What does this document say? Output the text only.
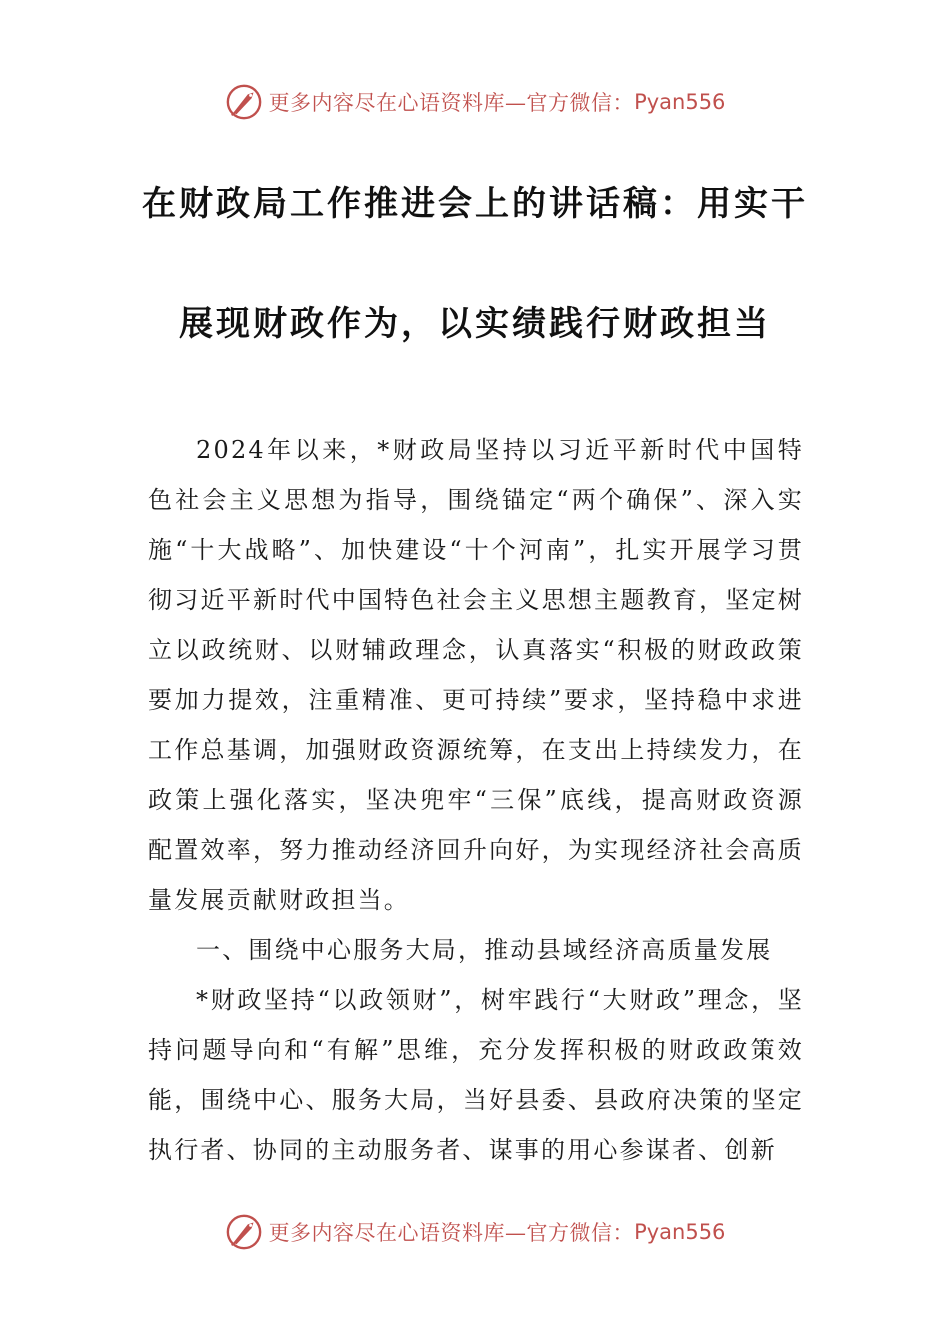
更多内容尽在心语资料库—官方微信： Pyan556
在财政局工作推进会上的讲话稿：用实干
展现财政作为，以实绩践行财政担当

2024年以来，*财政局坚持以习近平新时代中国特色社会主义思想为指导，围绕锚定“两个确保”、深入实施“十大战略”、加快建设“十个河南”，扎实开展学习贯彻习近平新时代中国特色社会主义思想主题教育，坚定树立以政统财、以财辅政理念，认真落实“积极的财政政策要加力提效，注重精准、更可持续”要求，坚持稳中求进工作总基调，加强财政资源统筹，在支出上持续发力，在政策上强化落实，坚决兜牢“三保”底线，提高财政资源配置效率，努力推动经济回升向好，为实现经济社会高质量发展贡献财政担当。

一、围绕中心服务大局，推动县域经济高质量发展

*财政坚持“以政领财”，树牢践行“大财政”理念，坚持问题导向和“有解”思维，充分发挥积极的财政政策效能，围绕中心、服务大局，当好县委、县政府决策的坚定执行者、协同的主动服务者、谋事的用心参谋者、创新

更多内容尽在心语资料库—官方微信： Pyan556
